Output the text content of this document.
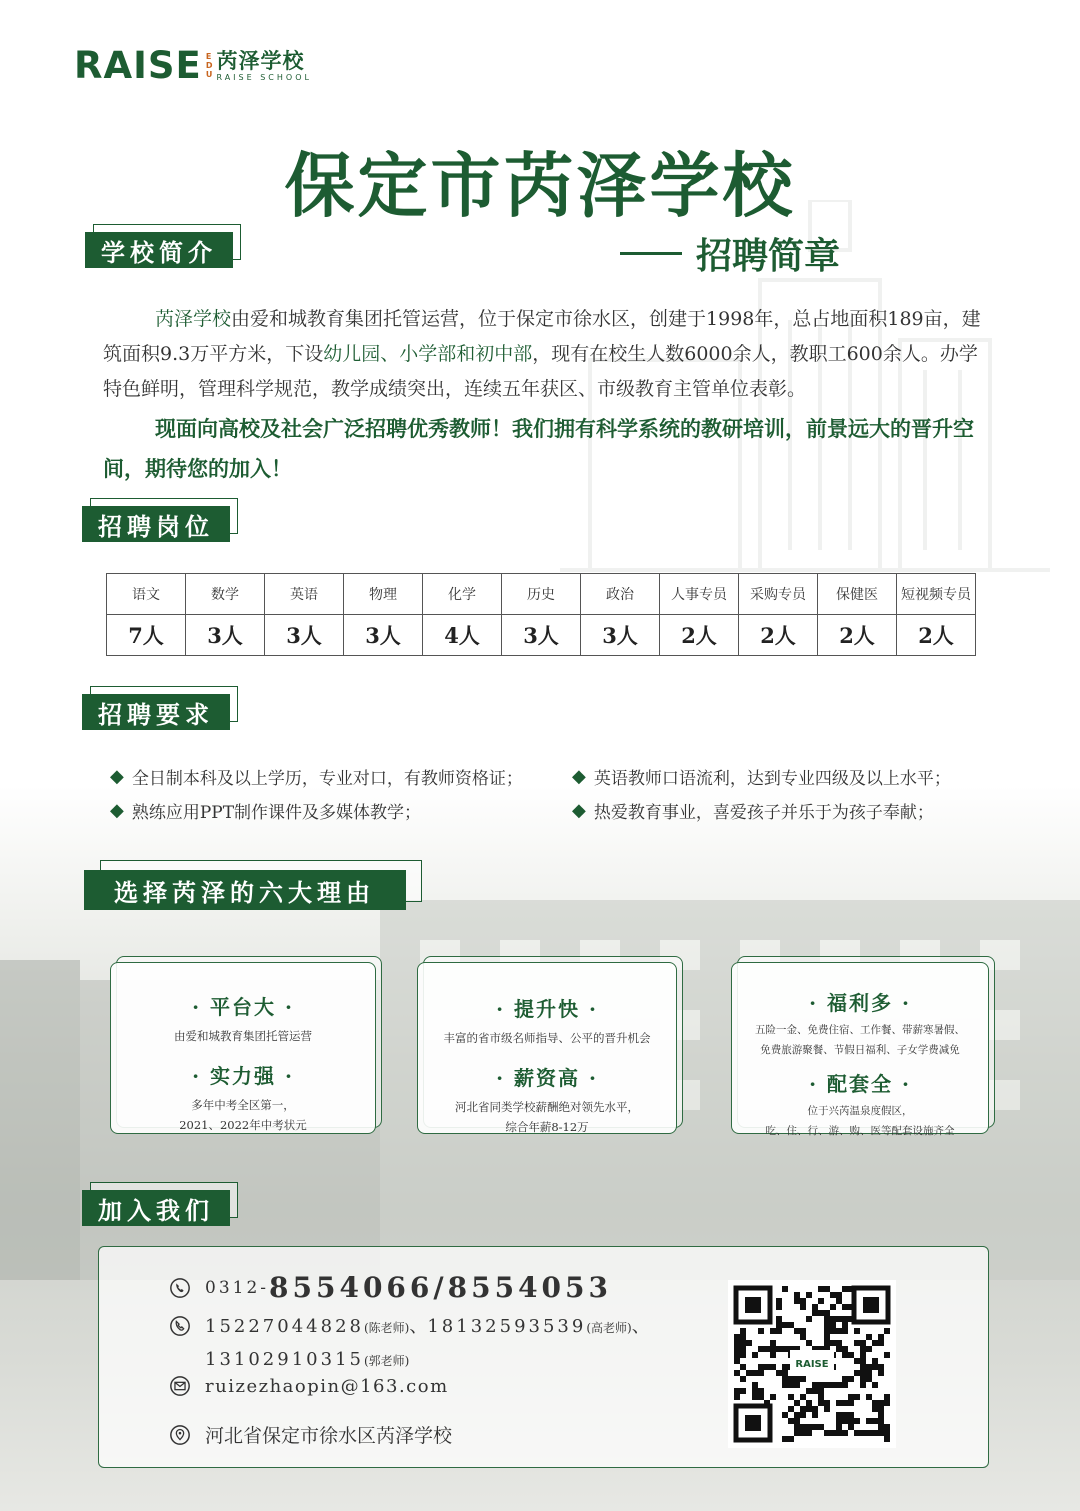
RAISE E
D
U
芮泽学校
RAISE SCHOOL
保定市芮泽学校
招聘简章
学校简介

芮泽学校由爱和城教育集团托管运营，位于保定市徐水区，创建于1998年，总占地面积189亩，建筑面积9.3万平方米，下设幼儿园、小学部和初中部，现有在校生人数6000余人，教职工600余人。办学特色鲜明，管理科学规范，教学成绩突出，连续五年获区、市级教育主管单位表彰。

现面向高校及社会广泛招聘优秀教师！我们拥有科学系统的教研培训，前景远大的晋升空间，期待您的加入！

招聘岗位
语文	数学	英语	物理	化学	历史	政治	人事专员	采购专员	保健医	短视频专员
7人	3人	3人	3人	4人	3人	3人	2人	2人	2人	2人
招聘要求
◆ 全日制本科及以上学历，专业对口，有教师资格证；	◆ 英语教师口语流利，达到专业四级及以上水平；
◆ 熟练应用PPT制作课件及多媒体教学；	◆ 热爱教育事业，喜爱孩子并乐于为孩子奉献；
选择芮泽的六大理由
· 平台大 ·
由爱和城教育集团托管运营
· 实力强 ·
多年中考全区第一，
2021、2022年中考状元
· 提升快 ·
丰富的省市级名师指导、公平的晋升机会
· 薪资高 ·
河北省同类学校薪酬绝对领先水平，
综合年薪8-12万
· 福利多 ·
五险一金、免费住宿、工作餐、带薪寒暑假、
免费旅游聚餐、节假日福利、子女学费减免
· 配套全 ·
位于兴芮温泉度假区，
吃、住、行、游、购、医等配套设施齐全
加入我们
0312- 8554066/8554053
15227044828(陈老师)、18132593539(高老师)、
13102910315(郭老师)
ruizezhaopin@163.com
河北省保定市徐水区芮泽学校
RAISE
